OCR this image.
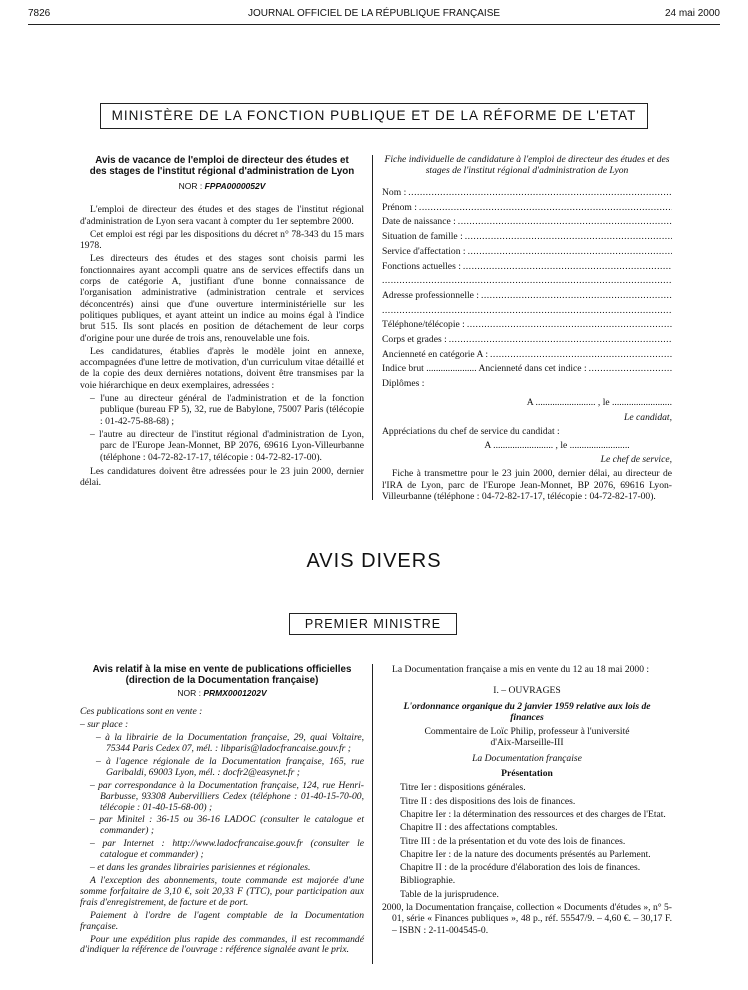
7826	JOURNAL OFFICIEL DE LA RÉPUBLIQUE FRANÇAISE	24 mai 2000
MINISTÈRE DE LA FONCTION PUBLIQUE ET DE LA RÉFORME DE L'ETAT
Avis de vacance de l'emploi de directeur des études et des stages de l'institut régional d'administration de Lyon
NOR : FPPA0000052V

L'emploi de directeur des études et des stages de l'institut régional d'administration de Lyon sera vacant à compter du 1er septembre 2000.

Cet emploi est régi par les dispositions du décret n° 78-343 du 15 mars 1978.

Les directeurs des études et des stages sont choisis parmi les fonctionnaires ayant accompli quatre ans de services effectifs dans un corps de catégorie A, justifiant d'une bonne connaissance de l'organisation administrative (administration centrale et services déconcentrés) ainsi que d'une ouverture interministérielle sur les politiques publiques, et ayant atteint un indice au moins égal à l'indice brut 515. Ils sont placés en position de détachement de leur corps d'origine pour une durée de trois ans, renouvelable une fois.

Les candidatures, établies d'après le modèle joint en annexe, accompagnées d'une lettre de motivation, d'un curriculum vitae détaillé et de la copie des deux dernières notations, doivent être transmises par la voie hiérarchique en deux exemplaires, adressées :

– l'une au directeur général de l'administration et de la fonction publique (bureau FP 5), 32, rue de Babylone, 75007 Paris (télécopie : 01-42-75-88-68) ;

– l'autre au directeur de l'institut régional d'administration de Lyon, parc de l'Europe Jean-Monnet, BP 2076, 69616 Lyon-Villeurbanne (téléphone : 04-72-82-17-17, télécopie : 04-72-82-17-00).

Les candidatures doivent être adressées pour le 23 juin 2000, dernier délai.

Fiche individuelle de candidature à l'emploi de directeur des études et des stages de l'institut régional d'administration de Lyon
Nom :
.....
Prénom :
.....
Date de naissance :
.....
Situation de famille :
.....
Service d'affectation :
.....
Fonctions actuelles :
.....
.....
Adresse professionnelle :
.....
.....
Téléphone/télécopie :
.....
Corps et grades :
.....
Ancienneté en catégorie A :
.....
Indice brut ..................... Ancienneté dans cet indice :
.....
Diplômes :
A ......................... , le .........................
Le candidat,
Appréciations du chef de service du candidat :
A ......................... , le .........................
Le chef de service,

Fiche à transmettre pour le 23 juin 2000, dernier délai, au directeur de l'IRA de Lyon, parc de l'Europe Jean-Monnet, BP 2076, 69616 Lyon-Villeurbanne (téléphone : 04-72-82-17-17, télécopie : 04-72-82-17-00).

AVIS DIVERS
PREMIER MINISTRE
Avis relatif à la mise en vente de publications officielles (direction de la Documentation française)
NOR : PRMX0001202V

Ces publications sont en vente :

– sur place :

– à la librairie de la Documentation française, 29, quai Voltaire, 75344 Paris Cedex 07, mél. : libparis@ladocfrancaise.gouv.fr ;

– à l'agence régionale de la Documentation française, 165, rue Garibaldi, 69003 Lyon, mél. : docfr2@easynet.fr ;

– par correspondance à la Documentation française, 124, rue Henri-Barbusse, 93308 Aubervilliers Cedex (téléphone : 01-40-15-70-00, télécopie : 01-40-15-68-00) ;

– par Minitel : 36-15 ou 36-16 LADOC (consulter le catalogue et commander) ;

– par Internet : http://www.ladocfrancaise.gouv.fr (consulter le catalogue et commander) ;

– et dans les grandes librairies parisiennes et régionales.

A l'exception des abonnements, toute commande est majorée d'une somme forfaitaire de 3,10 €, soit 20,33 F (TTC), pour participation aux frais d'enregistrement, de facture et de port.

Paiement à l'ordre de l'agent comptable de la Documentation française.

Pour une expédition plus rapide des commandes, il est recommandé d'indiquer la référence de l'ouvrage : référence signalée avant le prix.

La Documentation française a mis en vente du 12 au 18 mai 2000 :

I. – OUVRAGES
L'ordonnance organique du 2 janvier 1959 relative aux lois de finances
Commentaire de Loïc Philip, professeur à l'université d'Aix-Marseille-III
La Documentation française
Présentation

Titre Ier : dispositions générales.

Titre II : des dispositions des lois de finances.

Chapitre Ier : la détermination des ressources et des charges de l'Etat.

Chapitre II : des affectations comptables.

Titre III : de la présentation et du vote des lois de finances.

Chapitre Ier : de la nature des documents présentés au Parlement.

Chapitre II : de la procédure d'élaboration des lois de finances.

Bibliographie.

Table de la jurisprudence.

2000, la Documentation française, collection « Documents d'études », n° 5-01, série « Finances publiques », 48 p., réf. 55547/9. – 4,60 €. – 30,17 F. – ISBN : 2-11-004545-0.
